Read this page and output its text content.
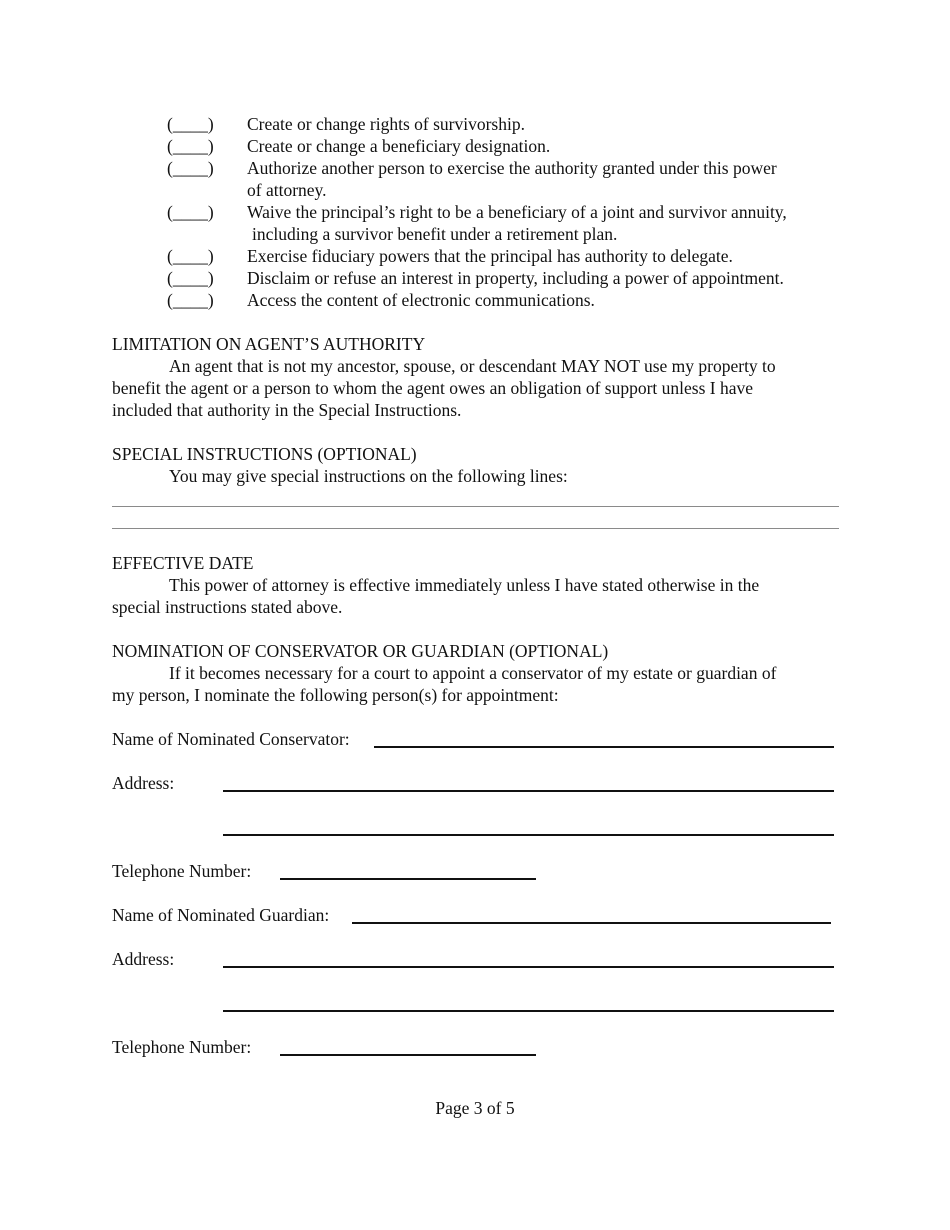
(____) Create or change rights of survivorship.
(____) Create or change a beneficiary designation.
(____) Authorize another person to exercise the authority granted under this power
of attorney.
(____) Waive the principal’s right to be a beneficiary of a joint and survivor annuity,
including a survivor benefit under a retirement plan.
(____) Exercise fiduciary powers that the principal has authority to delegate.
(____) Disclaim or refuse an interest in property, including a power of appointment.
(____) Access the content of electronic communications.
LIMITATION ON AGENT’S AUTHORITY
An agent that is not my ancestor, spouse, or descendant MAY NOT use my property to
benefit the agent or a person to whom the agent owes an obligation of support unless I have
included that authority in the Special Instructions.
SPECIAL INSTRUCTIONS (OPTIONAL)
You may give special instructions on the following lines:
EFFECTIVE DATE
This power of attorney is effective immediately unless I have stated otherwise in the
special instructions stated above.
NOMINATION OF CONSERVATOR OR GUARDIAN (OPTIONAL)
If it becomes necessary for a court to appoint a conservator of my estate or guardian of
my person, I nominate the following person(s) for appointment:
Name of Nominated Conservator:
Address:
Telephone Number:
Name of Nominated Guardian:
Address:
Telephone Number:
Page 3 of 5
